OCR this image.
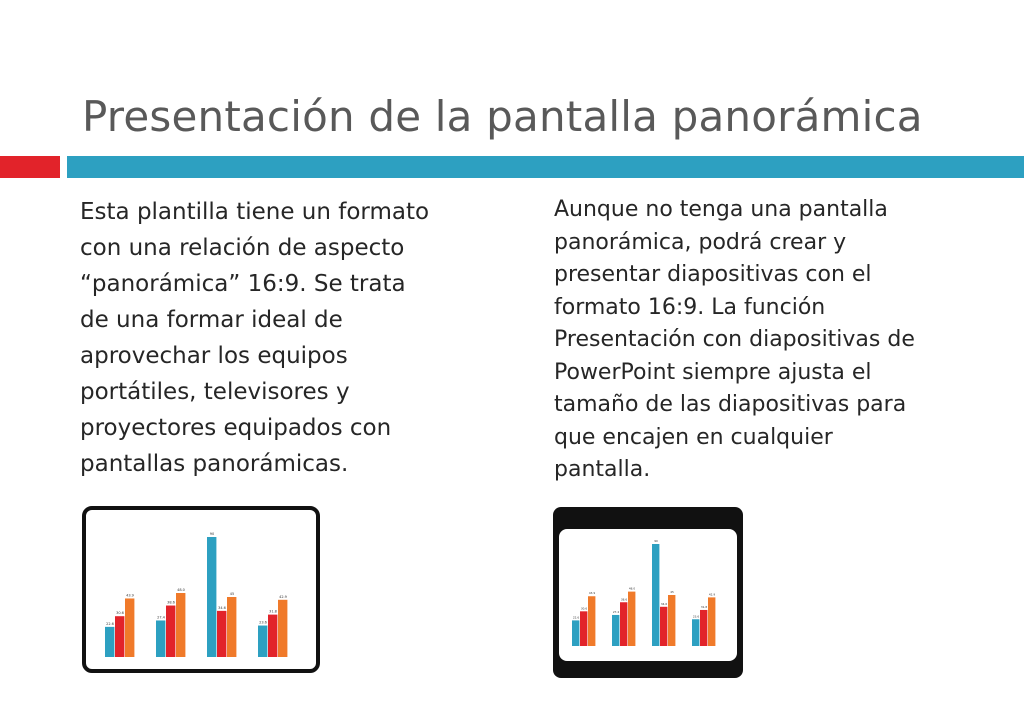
Presentación de la pantalla panorámica

Esta plantilla tiene un formato
con una relación de aspecto
“panorámica” 16:9. Se trata
de una formar ideal de
aprovechar los equipos
portátiles, televisores y
proyectores equipados con
pantallas panorámicas.

Aunque no tenga una pantalla
panorámica, podrá crear y
presentar diapositivas con el
formato 16:9. La función
Presentación con diapositivas de
PowerPoint siempre ajusta el
tamaño de las diapositivas para
que encajen en cualquier
pantalla.

22.6
30.6
43.9
27.4
38.6
48.0
90
34.6
45
23.6
31.8
42.9
22.6
30.6
43.9
27.4
38.6
48.0
90
34.6
45
23.6
31.8
42.9
